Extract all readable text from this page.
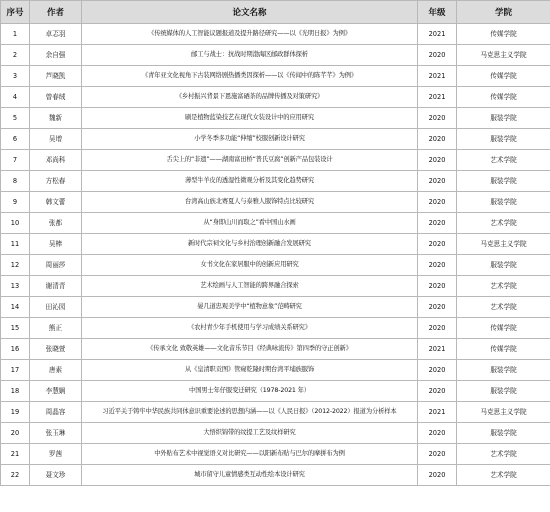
序号	作者	论文名称	年级	学院
1	卓忑羽	《传统媒体的人工智能议题报道及提升路径研究——以《光明日报》为例》	2021	传媒学院
2	余自强	邮工与战士：抗战时期渤海区邮政群体探析	2020	马克思主义学院
3	芦晓凯	《青年亚文化视角下古装网络剧热播类因探析——以《传闻中的陈芊芊》为例》	2021	传媒学院
4	曾春绒	《乡村振兴背景下恩施富硒茶的品牌传播及对策研究》	2021	传媒学院
5	魏新	刷是植物蓝染技艺在现代女装设计中的应用研究	2020	服装学院
6	吴增	小学冬季多功能“伸缩”校服创新设计研究	2020	服装学院
7	邓尚科	舌尖上的“非遗”——湖南富田桥“普氏豆腐”创新产品包装设计	2020	艺术学院
8	方松春	薄型牛羊皮的透湿性微观分析及其变化趋势研究	2020	服装学院
9	韩文蕾	台湾高山族北赛夏人与泰雅人服饰特点比较研究	2020	服装学院
10	张都	从“身即山川而取之”看中国山水画	2020	艺术学院
11	吴棒	新时代宗祠文化与乡村治理创新融合发展研究	2020	马克思主义学院
12	周丽莎	女书文化在家居服中的创新应用研究	2020	服装学院
13	谢清青	艺术绘画与人工智能的跨界融合探索	2020	艺术学院
14	田沁园	晏几道忠观美学中“植物意象”范畴研究	2020	艺术学院
15	熊正	《农村青少年手机使用与学习成绩关系研究》	2020	传媒学院
16	张晓萱	《传承文化 致敬英雄——文化音乐节目《经典咏流传》第四季的守正创新》	2021	传媒学院
17	唐素	从《皇清职贡图》管窥乾隆时期台湾平埔族服饰	2020	服装学院
18	李慧娴	中国男士年仔服变迁研究（1978-2021 年）	2020	服装学院
19	周晶容	习近平关于铸牢中华民族共同体意识重要论述的思想内涵——以《人民日报》（2012-2022）报道为分析样本	2021	马克思主义学院
20	张玉琳	大悟织锦带的纹提工艺及纹样研究	2020	服装学院
21	罗茜	中外贴布艺术中视觉语义对比研究——以阳新布贴与巴尔的摩拼布为例	2020	艺术学院
22	聂文珍	城市留守儿童情感类互动性绘本设计研究	2020	艺术学院
